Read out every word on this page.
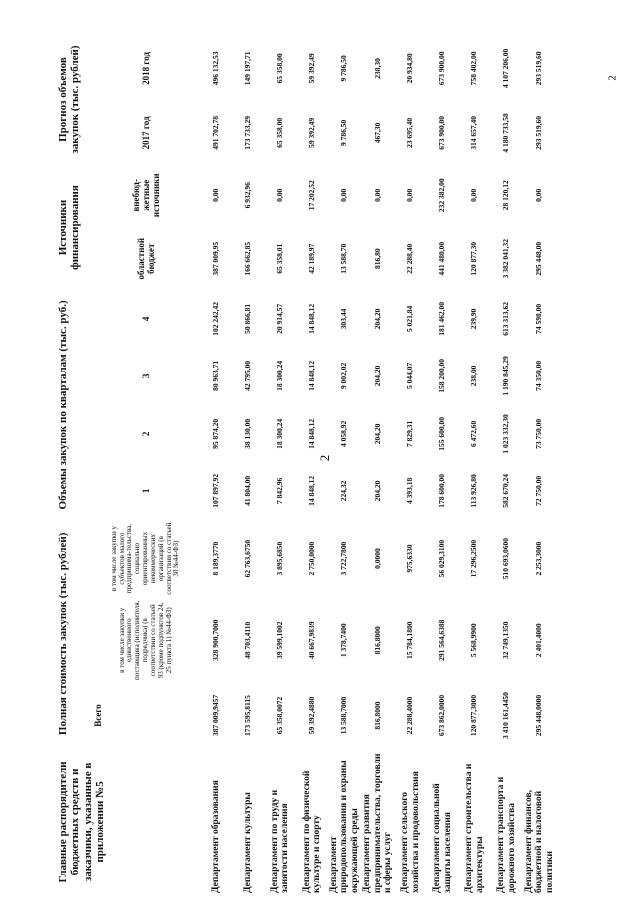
2
2
Главные распорядители бюджетных средств и заказчики, указанные в приложении №5	Полная стоимость закупок (тыс. рублей)			Объемы закупок по кварталам (тыс. руб.)				Источники финансирования		Прогноз объемов закупок (тыс. рублей)	
	Всего	в том числе закупки у единственного поставщика (исполнителя, подрядчика) (в соответствии со статьей 93 (кроме подпунктов 24, 25 пункта 1) №44-ФЗ)	в том числе закупки у субъектов малого предпринима-тельства, социально ориентированных некоммерческих организаций (в соответствии со статьей 30 №44-ФЗ)	1	2	3	4	областной бюджет	внебюд-жетные источники	2017 год	2018 год
Департамент образования	387 009,9457	328 900,7000	8 189,3770	107 897,92	95 874,20	80 963,71	102 242,42	387 009,95	0,00	491 702,78	496 132,53
Департамент культуры	173 595,8115	48 703,4110	62 763,6750	41 804,00	38 130,00	42 795,00	50 866,81	166 662,85	6 932,96	173 733,29	149 197,71
Департамент по труду и занятости населения	65 358,0072	39 599,1002	3 895,6850	7 842,96	18 300,24	18 300,24	20 914,57	65 358,01	0,00	65 358,00	65 358,00
Департамент по физической культуре и спорту	59 392,4880	40 667,9839	2 750,0000	14 848,12	14 848,12	14 848,12	14 848,12	42 189,97	17 202,52	59 392,49	59 392,49
Департамент природопользования и охраны окружающей среды	13 588,7000	1 378,7400	3 722,7800	224,32	4 058,92	9 002,02	303,44	13 588,70	0,00	9 786,50	9 786,50
Департамент развития предпринимательства, торговли и сферы услуг	816,8000	816,8000	0,0000	204,20	204,20	204,20	204,20	816,80	0,00	467,30	238,30
Департамент сельского хозяйства и продовольствия	22 288,4000	15 784,1800	975,6330	4 393,18	7 829,31	5 044,07	5 021,84	22 288,40	0,00	23 695,40	20 934,80
Департамент социальной защиты населения	673 862,0000	291 564,6388	56 029,3100	178 600,00	155 600,00	158 200,00	181 462,00	441 480,00	232 382,00	673 900,00	673 900,00
Департамент строительства и архитектуры	120 877,3000	5 568,9900	17 296,2500	113 926,80	6 472,60	238,00	239,90	120 877,30	0,00	314 657,40	758 402,00
Департамент транспорта и дорожного хозяйства	3 410 161,4450	32 749,1350	510 693,0600	582 670,24	1 023 332,30	1 190 845,29	613 313,62	3 382 041,32	28 120,12	4 180 733,58	4 107 206,00
Департамент финансов, бюджетной и налоговой политики	295 448,0000	2 401,4000	2 253,3000	72 750,00	73 750,00	74 350,00	74 598,00	295 448,00	0,00	293 519,60	293 519,60
